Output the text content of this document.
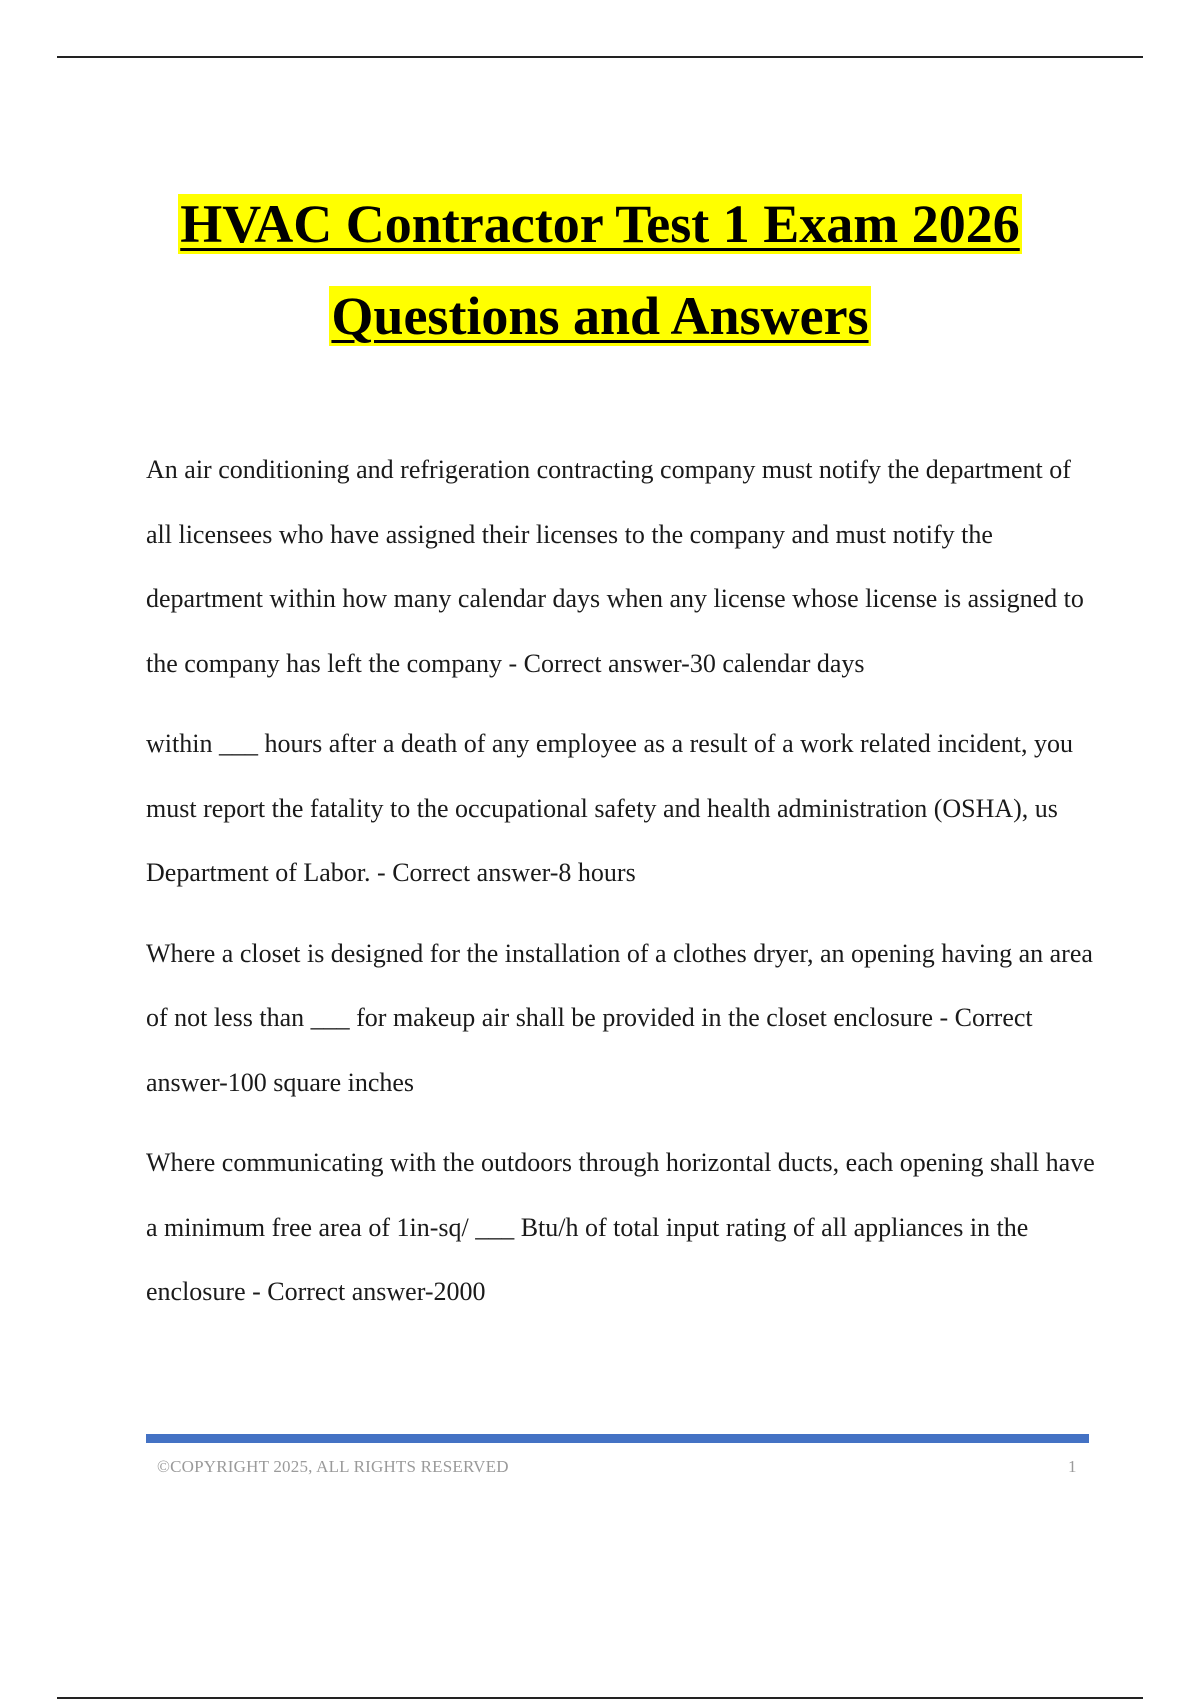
HVAC Contractor Test 1 Exam 2026
Questions and Answers

An air conditioning and refrigeration contracting company must notify the department of all licensees who have assigned their licenses to the company and must notify the department within how many calendar days when any license whose license is assigned to the company has left the company - Correct answer-30 calendar days

within ___ hours after a death of any employee as a result of a work related incident, you must report the fatality to the occupational safety and health administration (OSHA), us Department of Labor. - Correct answer-8 hours

Where a closet is designed for the installation of a clothes dryer, an opening having an area of not less than ___ for makeup air shall be provided in the closet enclosure - Correct answer-100 square inches

Where communicating with the outdoors through horizontal ducts, each opening shall have a minimum free area of 1in-sq/ ___ Btu/h of total input rating of all appliances in the enclosure - Correct answer-2000

©COPYRIGHT 2025, ALL RIGHTS RESERVED	1
